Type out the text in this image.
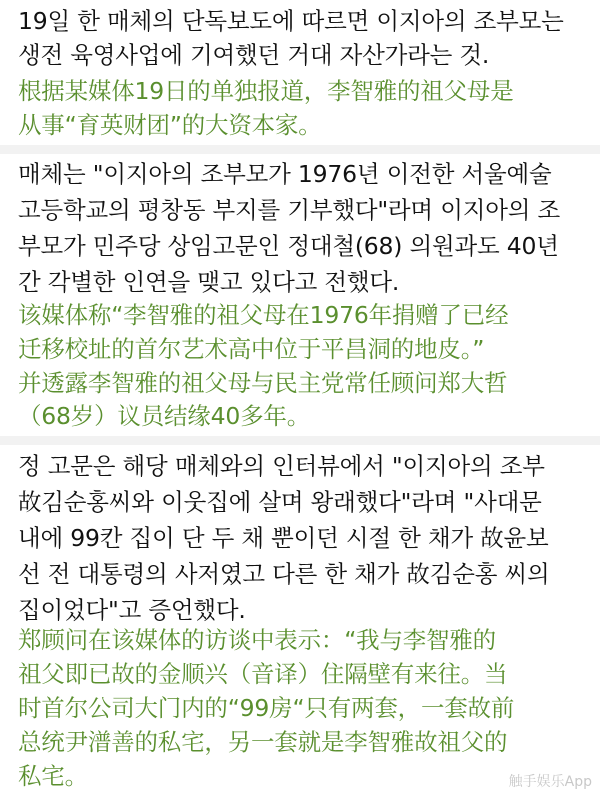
19일 한 매체의 단독보도에 따르면 이지아의 조부모는
생전 육영사업에 기여했던 거대 자산가라는 것.
根据某媒体19日的单独报道，李智雅的祖父母是
从事“育英财团”的大资本家。
매체는 "이지아의 조부모가 1976년 이전한 서울예술
고등학교의 평창동 부지를 기부했다"라며 이지아의 조
부모가 민주당 상임고문인 정대철(68) 의원과도 40년
간 각별한 인연을 맺고 있다고 전했다.
该媒体称“李智雅的祖父母在1976年捐赠了已经
迁移校址的首尔艺术高中位于平昌洞的地皮。”
并透露李智雅的祖父母与民主党常任顾问郑大哲
（68岁）议员结缘40多年。
정 고문은 해당 매체와의 인터뷰에서 "이지아의 조부
故김순홍씨와 이웃집에 살며 왕래했다"라며 "사대문
내에 99칸 집이 단 두 채 뿐이던 시절 한 채가 故윤보
선 전 대통령의 사저였고 다른 한 채가 故김순홍 씨의
집이었다"고 증언했다.
郑顾问在该媒体的访谈中表示：“我与李智雅的
祖父即已故的金顺兴（音译）住隔壁有来往。当
时首尔公司大门内的“99房“只有两套，一套故前
总统尹潽善的私宅，另一套就是李智雅故祖父的
私宅。	触手娱乐App
